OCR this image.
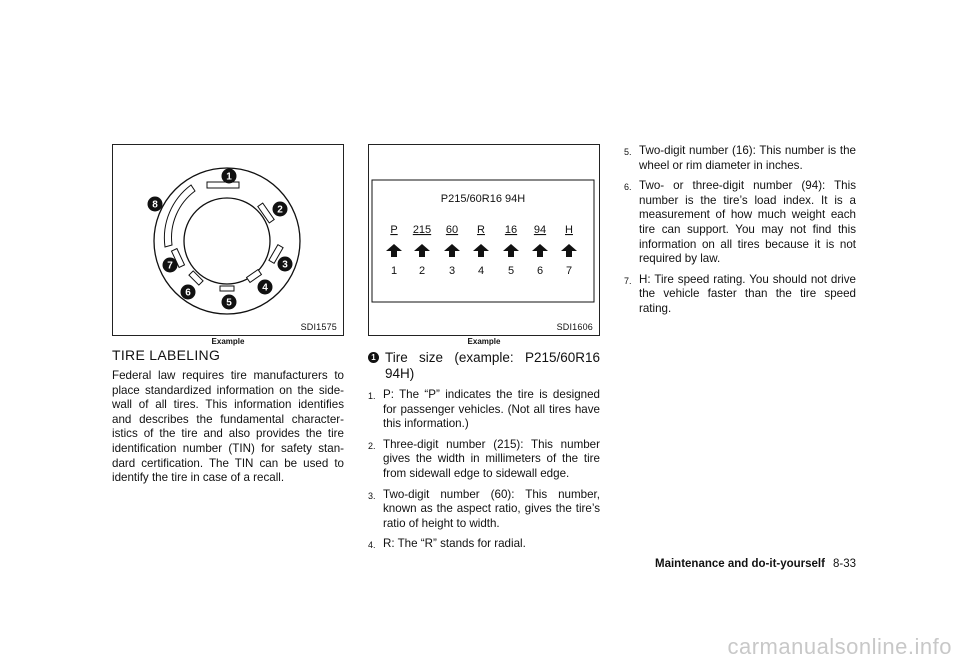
1
2
3
4
5
6
7
8
SDI1575
Example
P215/60R16 94H
P
1
215
2
60
3
R
4
16
5
94
6
H
7
SDI1606
Example
TIRE LABELING
Federal law requires tire manufacturers to place standardized information on the side-wall of all tires. This information identifies and describes the fundamental character-istics of the tire and also provides the tire identification number (TIN) for safety stan-dard certification. The TIN can be used to identify the tire in case of a recall.
1 Tire size (example: P215/60R16 94H)
1. P: The “P” indicates the tire is designed for passenger vehicles. (Not all tires have this information.)
2. Three-digit number (215): This number gives the width in millimeters of the tire from sidewall edge to sidewall edge.
3. Two-digit number (60): This number, known as the aspect ratio, gives the tire’s ratio of height to width.
4. R: The “R” stands for radial.
5. Two-digit number (16): This number is the wheel or rim diameter in inches.
6. Two- or three-digit number (94): This number is the tire’s load index. It is a measurement of how much weight each tire can support. You may not find this information on all tires because it is not required by law.
7. H: Tire speed rating. You should not drive the vehicle faster than the tire speed rating.
Maintenance and do-it-yourself 8-33
carmanualsonline.info
